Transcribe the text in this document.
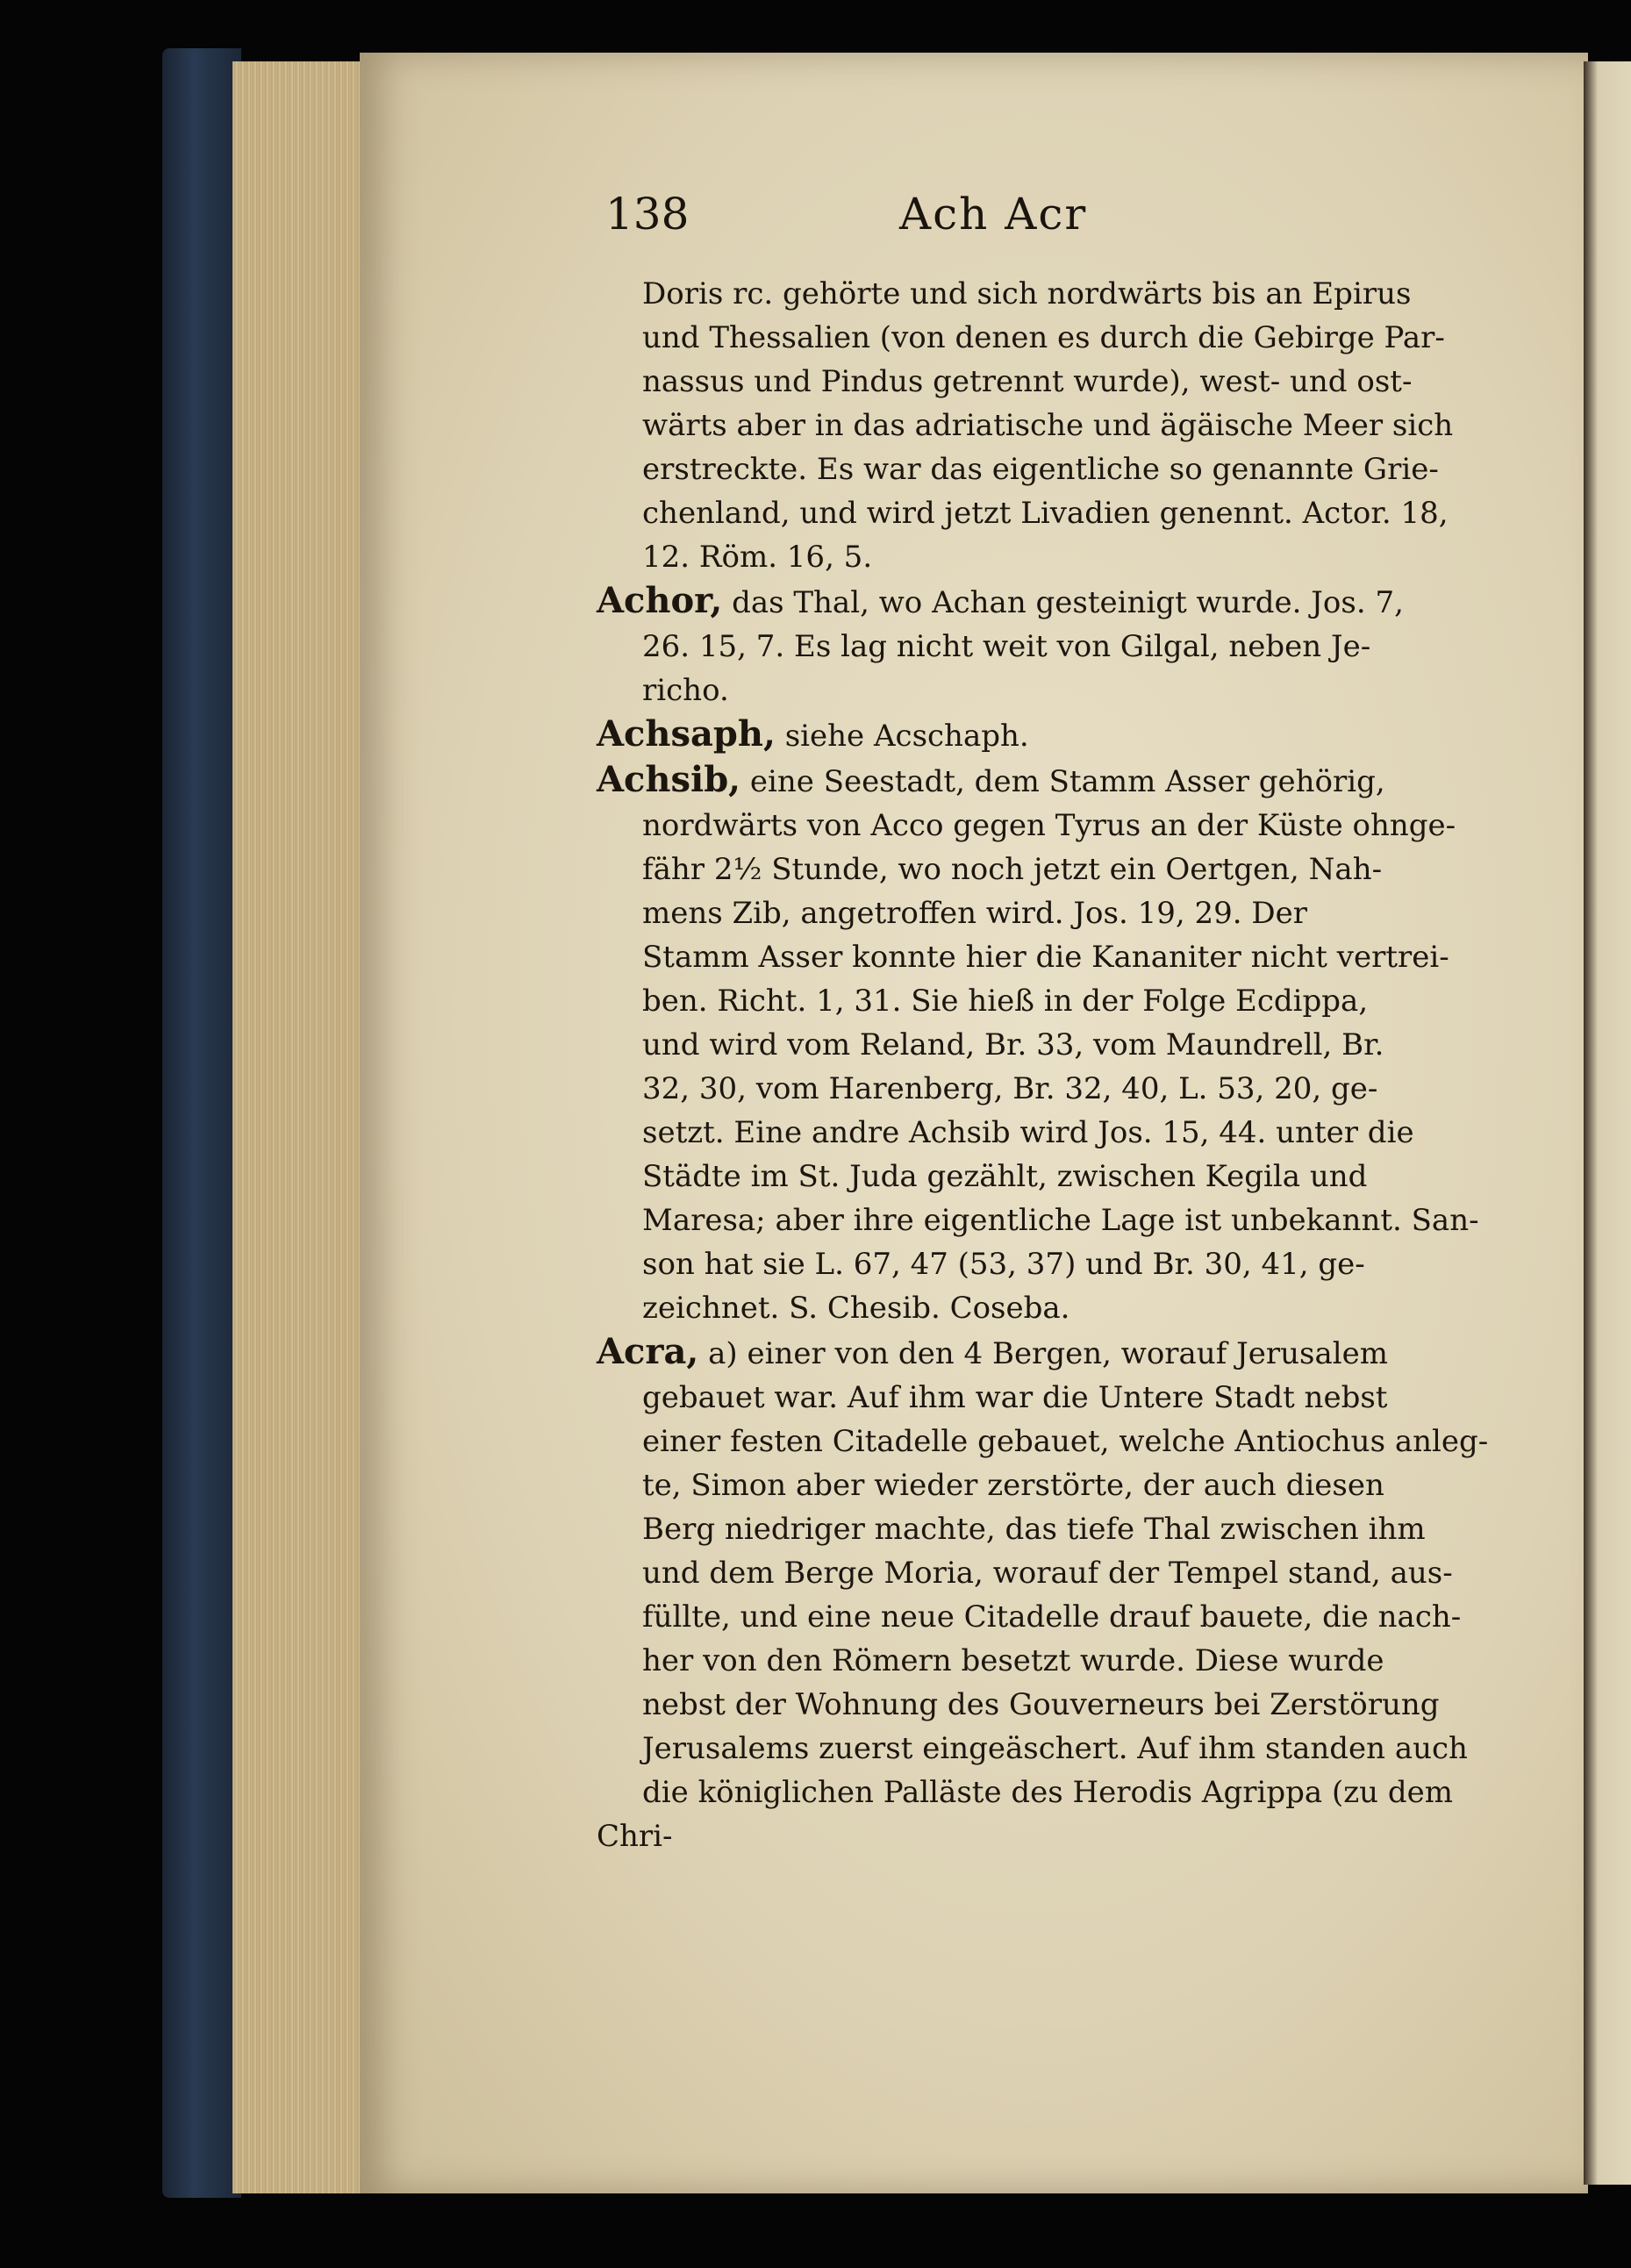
138	Ach Acr
Doris rc. gehörte und sich nordwärts bis an Epirus
und Thessalien (von denen es durch die Gebirge Par-
nassus und Pindus getrennt wurde), west- und ost-
wärts aber in das adriatische und ägäische Meer sich
erstreckte. Es war das eigentliche so genannte Grie-
chenland, und wird jetzt Livadien genennt. Actor. 18,
12. Röm. 16, 5.
Achor, das Thal, wo Achan gesteinigt wurde. Jos. 7,
26. 15, 7. Es lag nicht weit von Gilgal, neben Je-
richo.
Achsaph, siehe Acschaph.
Achsib, eine Seestadt, dem Stamm Asser gehörig,
nordwärts von Acco gegen Tyrus an der Küste ohnge-
fähr 2½ Stunde, wo noch jetzt ein Oertgen, Nah-
mens Zib, angetroffen wird. Jos. 19, 29. Der
Stamm Asser konnte hier die Kananiter nicht vertrei-
ben. Richt. 1, 31. Sie hieß in der Folge Ecdippa,
und wird vom Reland, Br. 33, vom Maundrell, Br.
32, 30, vom Harenberg, Br. 32, 40, L. 53, 20, ge-
setzt. Eine andre Achsib wird Jos. 15, 44. unter die
Städte im St. Juda gezählt, zwischen Kegila und
Maresa; aber ihre eigentliche Lage ist unbekannt. San-
son hat sie L. 67, 47 (53, 37) und Br. 30, 41, ge-
zeichnet. S. Chesib. Coseba.
Acra, a) einer von den 4 Bergen, worauf Jerusalem
gebauet war. Auf ihm war die Untere Stadt nebst
einer festen Citadelle gebauet, welche Antiochus anleg-
te, Simon aber wieder zerstörte, der auch diesen
Berg niedriger machte, das tiefe Thal zwischen ihm
und dem Berge Moria, worauf der Tempel stand, aus-
füllte, und eine neue Citadelle drauf bauete, die nach-
her von den Römern besetzt wurde. Diese wurde
nebst der Wohnung des Gouverneurs bei Zerstörung
Jerusalems zuerst eingeäschert. Auf ihm standen auch
die königlichen Palläste des Herodis Agrippa (zu dem
Chri-
